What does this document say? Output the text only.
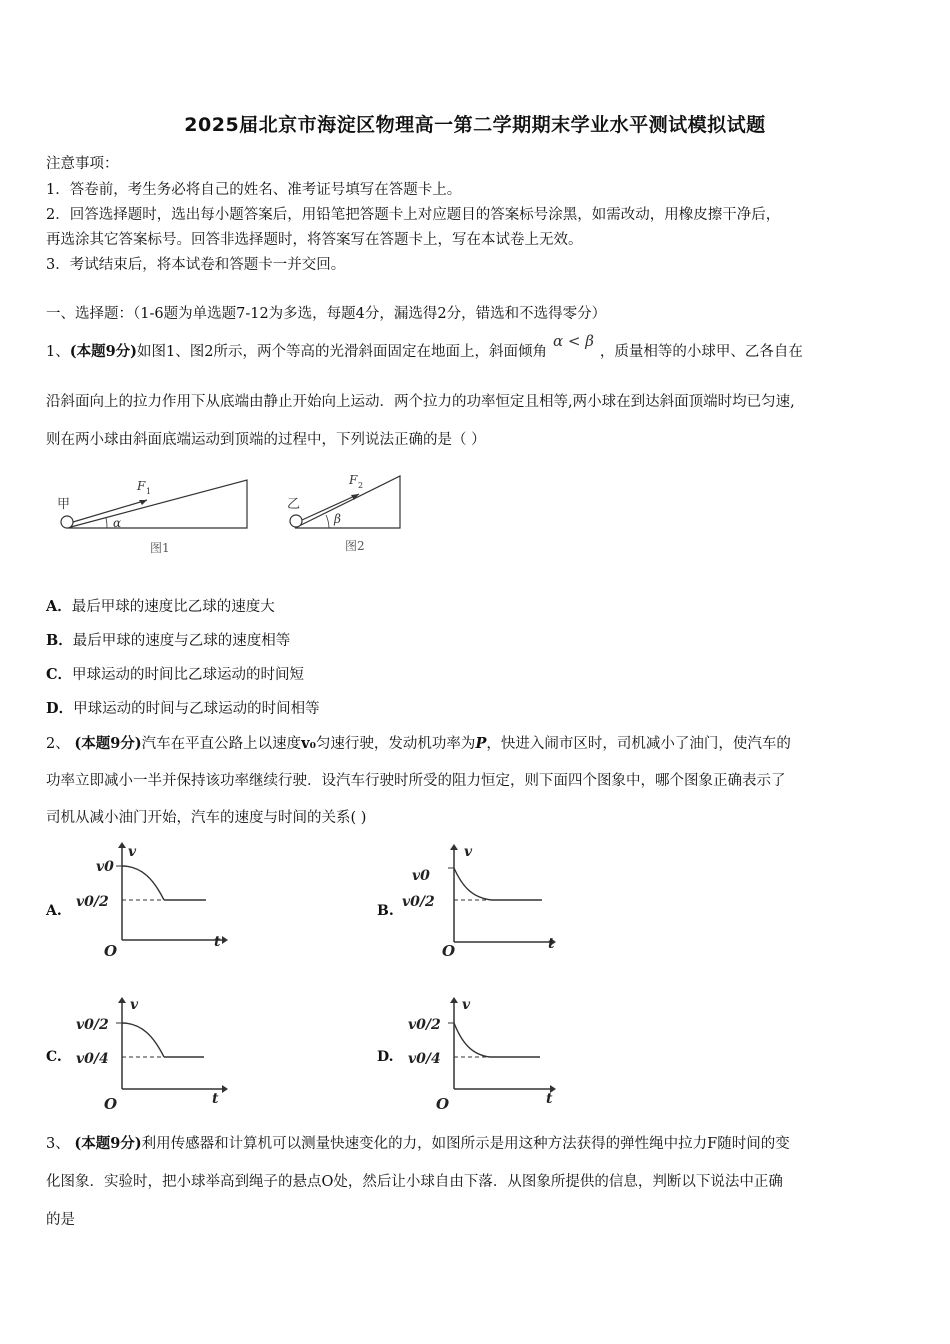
2025届北京市海淀区物理高一第二学期期末学业水平测试模拟试题
注意事项：
1．答卷前，考生务必将自己的姓名、准考证号填写在答题卡上。
2．回答选择题时，选出每小题答案后，用铅笔把答题卡上对应题目的答案标号涂黑，如需改动，用橡皮擦干净后，
再选涂其它答案标号。回答非选择题时，将答案写在答题卡上，写在本试卷上无效。
3．考试结束后，将本试卷和答题卡一并交回。
一、选择题：（1-6题为单选题7-12为多选，每题4分，漏选得2分，错选和不选得零分）
1、(本题9分)如图1、图2所示，两个等高的光滑斜面固定在地面上，斜面倾角α < β，质量相等的小球甲、乙各自在
沿斜面向上的拉力作用下从底端由静止开始向上运动．两个拉力的功率恒定且相等,两小球在到达斜面顶端时均已匀速,
则在两小球由斜面底端运动到顶端的过程中，下列说法正确的是（ ）
甲
F 1
α
图1
乙
F 2
β
图2
A．最后甲球的速度比乙球的速度大
B．最后甲球的速度与乙球的速度相等
C．甲球运动的时间比乙球运动的时间短
D．甲球运动的时间与乙球运动的时间相等
2、 (本题9分)汽车在平直公路上以速度v₀匀速行驶，发动机功率为P，快进入闹市区时，司机减小了油门，使汽车的
功率立即减小一半并保持该功率继续行驶．设汽车行驶时所受的阻力恒定，则下面四个图象中，哪个图象正确表示了
司机从减小油门开始，汽车的速度与时间的关系( )
A.
v
t
O
v0
v0/2
B.
v
t
O
v0
v0/2
C.
v
t
O
v0/2
v0/4	D.
v
t
O
v0/2
v0/4
3、 (本题9分)利用传感器和计算机可以测量快速变化的力，如图所示是用这种方法获得的弹性绳中拉力F随时间的变
化图象．实验时，把小球举高到绳子的悬点O处，然后让小球自由下落．从图象所提供的信息，判断以下说法中正确
的是
